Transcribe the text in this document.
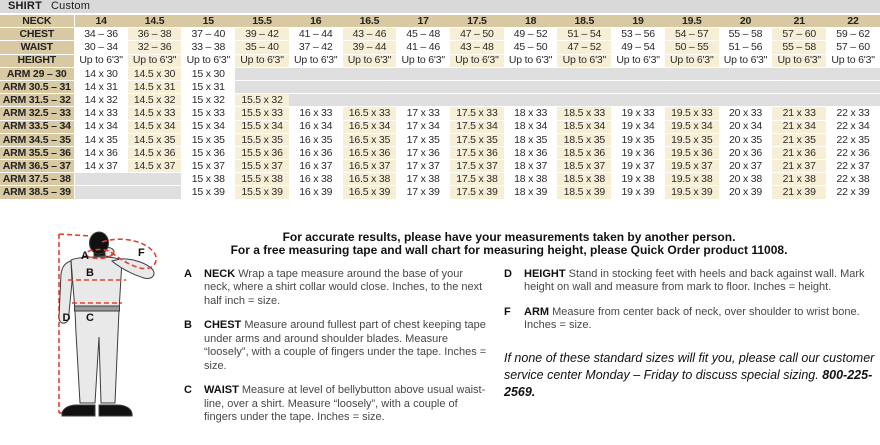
SHIRT Custom
NECK	14	14.5	15	15.5	16	16.5	17	17.5	18	18.5	19	19.5	20	21	22
CHEST	34 – 36	36 – 38	37 – 40	39 – 42	41 – 44	43 – 46	45 – 48	47 – 50	49 – 52	51 – 54	53 – 56	54 – 57	55 – 58	57 – 60	59 – 62
WAIST	30 – 34	32 – 36	33 – 38	35 – 40	37 – 42	39 – 44	41 – 46	43 – 48	45 – 50	47 – 52	49 – 54	50 – 55	51 – 56	55 – 58	57 – 60
HEIGHT	Up to 6'3"	Up to 6'3"	Up to 6'3"	Up to 6'3"	Up to 6'3"	Up to 6'3"	Up to 6'3"	Up to 6'3"	Up to 6'3"	Up to 6'3"	Up to 6'3"	Up to 6'3"	Up to 6'3"	Up to 6'3"	Up to 6'3"
ARM 29 – 30	14 x 30	14.5 x 30	15 x 30												
ARM 30.5 – 31	14 x 31	14.5 x 31	15 x 31												
ARM 31.5 – 32	14 x 32	14.5 x 32	15 x 32	15.5 x 32											
ARM 32.5 – 33	14 x 33	14.5 x 33	15 x 33	15.5 x 33	16 x 33	16.5 x 33	17 x 33	17.5 x 33	18 x 33	18.5 x 33	19 x 33	19.5 x 33	20 x 33	21 x 33	22 x 33
ARM 33.5 – 34	14 x 34	14.5 x 34	15 x 34	15.5 x 34	16 x 34	16.5 x 34	17 x 34	17.5 x 34	18 x 34	18.5 x 34	19 x 34	19.5 x 34	20 x 34	21 x 34	22 x 34
ARM 34.5 – 35	14 x 35	14.5 x 35	15 x 35	15.5 x 35	16 x 35	16.5 x 35	17 x 35	17.5 x 35	18 x 35	18.5 x 35	19 x 35	19.5 x 35	20 x 35	21 x 35	22 x 35
ARM 35.5 – 36	14 x 36	14.5 x 36	15 x 36	15.5 x 36	16 x 36	16.5 x 36	17 x 36	17.5 x 36	18 x 36	18.5 x 36	19 x 36	19.5 x 36	20 x 36	21 x 36	22 x 36
ARM 36.5 – 37	14 x 37	14.5 x 37	15 x 37	15.5 x 37	16 x 37	16.5 x 37	17 x 37	17.5 x 37	18 x 37	18.5 x 37	19 x 37	19.5 x 37	20 x 37	21 x 37	22 x 37
ARM 37.5 – 38			15 x 38	15.5 x 38	16 x 38	16.5 x 38	17 x 38	17.5 x 38	18 x 38	18.5 x 38	19 x 38	19.5 x 38	20 x 38	21 x 38	22 x 38
ARM 38.5 – 39			15 x 39	15.5 x 39	16 x 39	16.5 x 39	17 x 39	17.5 x 39	18 x 39	18.5 x 39	19 x 39	19.5 x 39	20 x 39	21 x 39	22 x 39
A
B
C
D
F
For accurate results, please have your measurements taken by another person.
For a free measuring tape and wall chart for measuring height, please Quick Order product 11008.
A	NECK Wrap a tape measure around the base of your neck, where a shirt collar would close. Inches, to the next half inch = size.
B	CHEST Measure around fullest part of chest keeping tape under arms and around shoulder blades. Measure “loosely”, with a couple of fingers under the tape. Inches = size.
C	WAIST Measure at level of bellybutton above usual waist-line, over a shirt. Measure “loosely”, with a couple of fingers under the tape. Inches = size.
D	HEIGHT Stand in stocking feet with heels and back against wall. Mark height on wall and measure from mark to floor. Inches = height.
F	ARM Measure from center back of neck, over shoulder to wrist bone. Inches = size.

If none of these standard sizes will fit you, please call our customer service center Monday – Friday to discuss special sizing. 800-225-2569.
